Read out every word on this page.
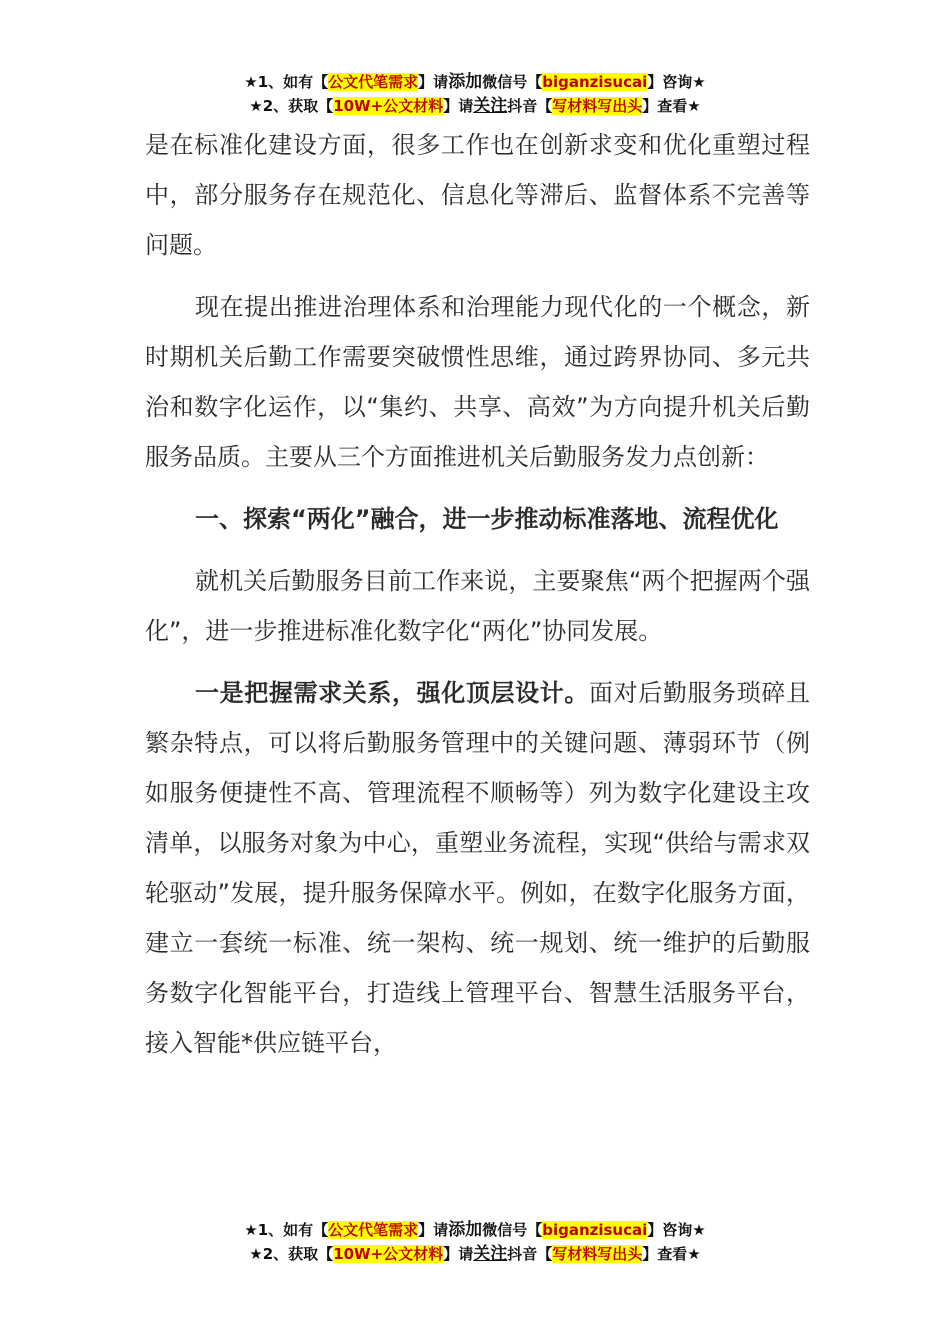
★1、如有【公文代笔需求】请添加微信号【biganzisucai】咨询★
★2、获取【10W+公文材料】请关注抖音【写材料写出头】查看★

是在标准化建设方面，很多工作也在创新求变和优化重塑过程中，部分服务存在规范化、信息化等滞后、监督体系不完善等问题。

现在提出推进治理体系和治理能力现代化的一个概念，新时期机关后勤工作需要突破惯性思维，通过跨界协同、多元共治和数字化运作，以“集约、共享、高效”为方向提升机关后勤服务品质。主要从三个方面推进机关后勤服务发力点创新：

一、探索“两化”融合，进一步推动标准落地、流程优化

就机关后勤服务目前工作来说，主要聚焦“两个把握两个强化”，进一步推进标准化数字化“两化”协同发展。

一是把握需求关系，强化顶层设计。面对后勤服务琐碎且繁杂特点，可以将后勤服务管理中的关键问题、薄弱环节（例如服务便捷性不高、管理流程不顺畅等）列为数字化建设主攻清单，以服务对象为中心，重塑业务流程，实现“供给与需求双轮驱动”发展，提升服务保障水平。例如，在数字化服务方面，建立一套统一标准、统一架构、统一规划、统一维护的后勤服务数字化智能平台，打造线上管理平台、智慧生活服务平台，接入智能*供应链平台，

★1、如有【公文代笔需求】请添加微信号【biganzisucai】咨询★
★2、获取【10W+公文材料】请关注抖音【写材料写出头】查看★
